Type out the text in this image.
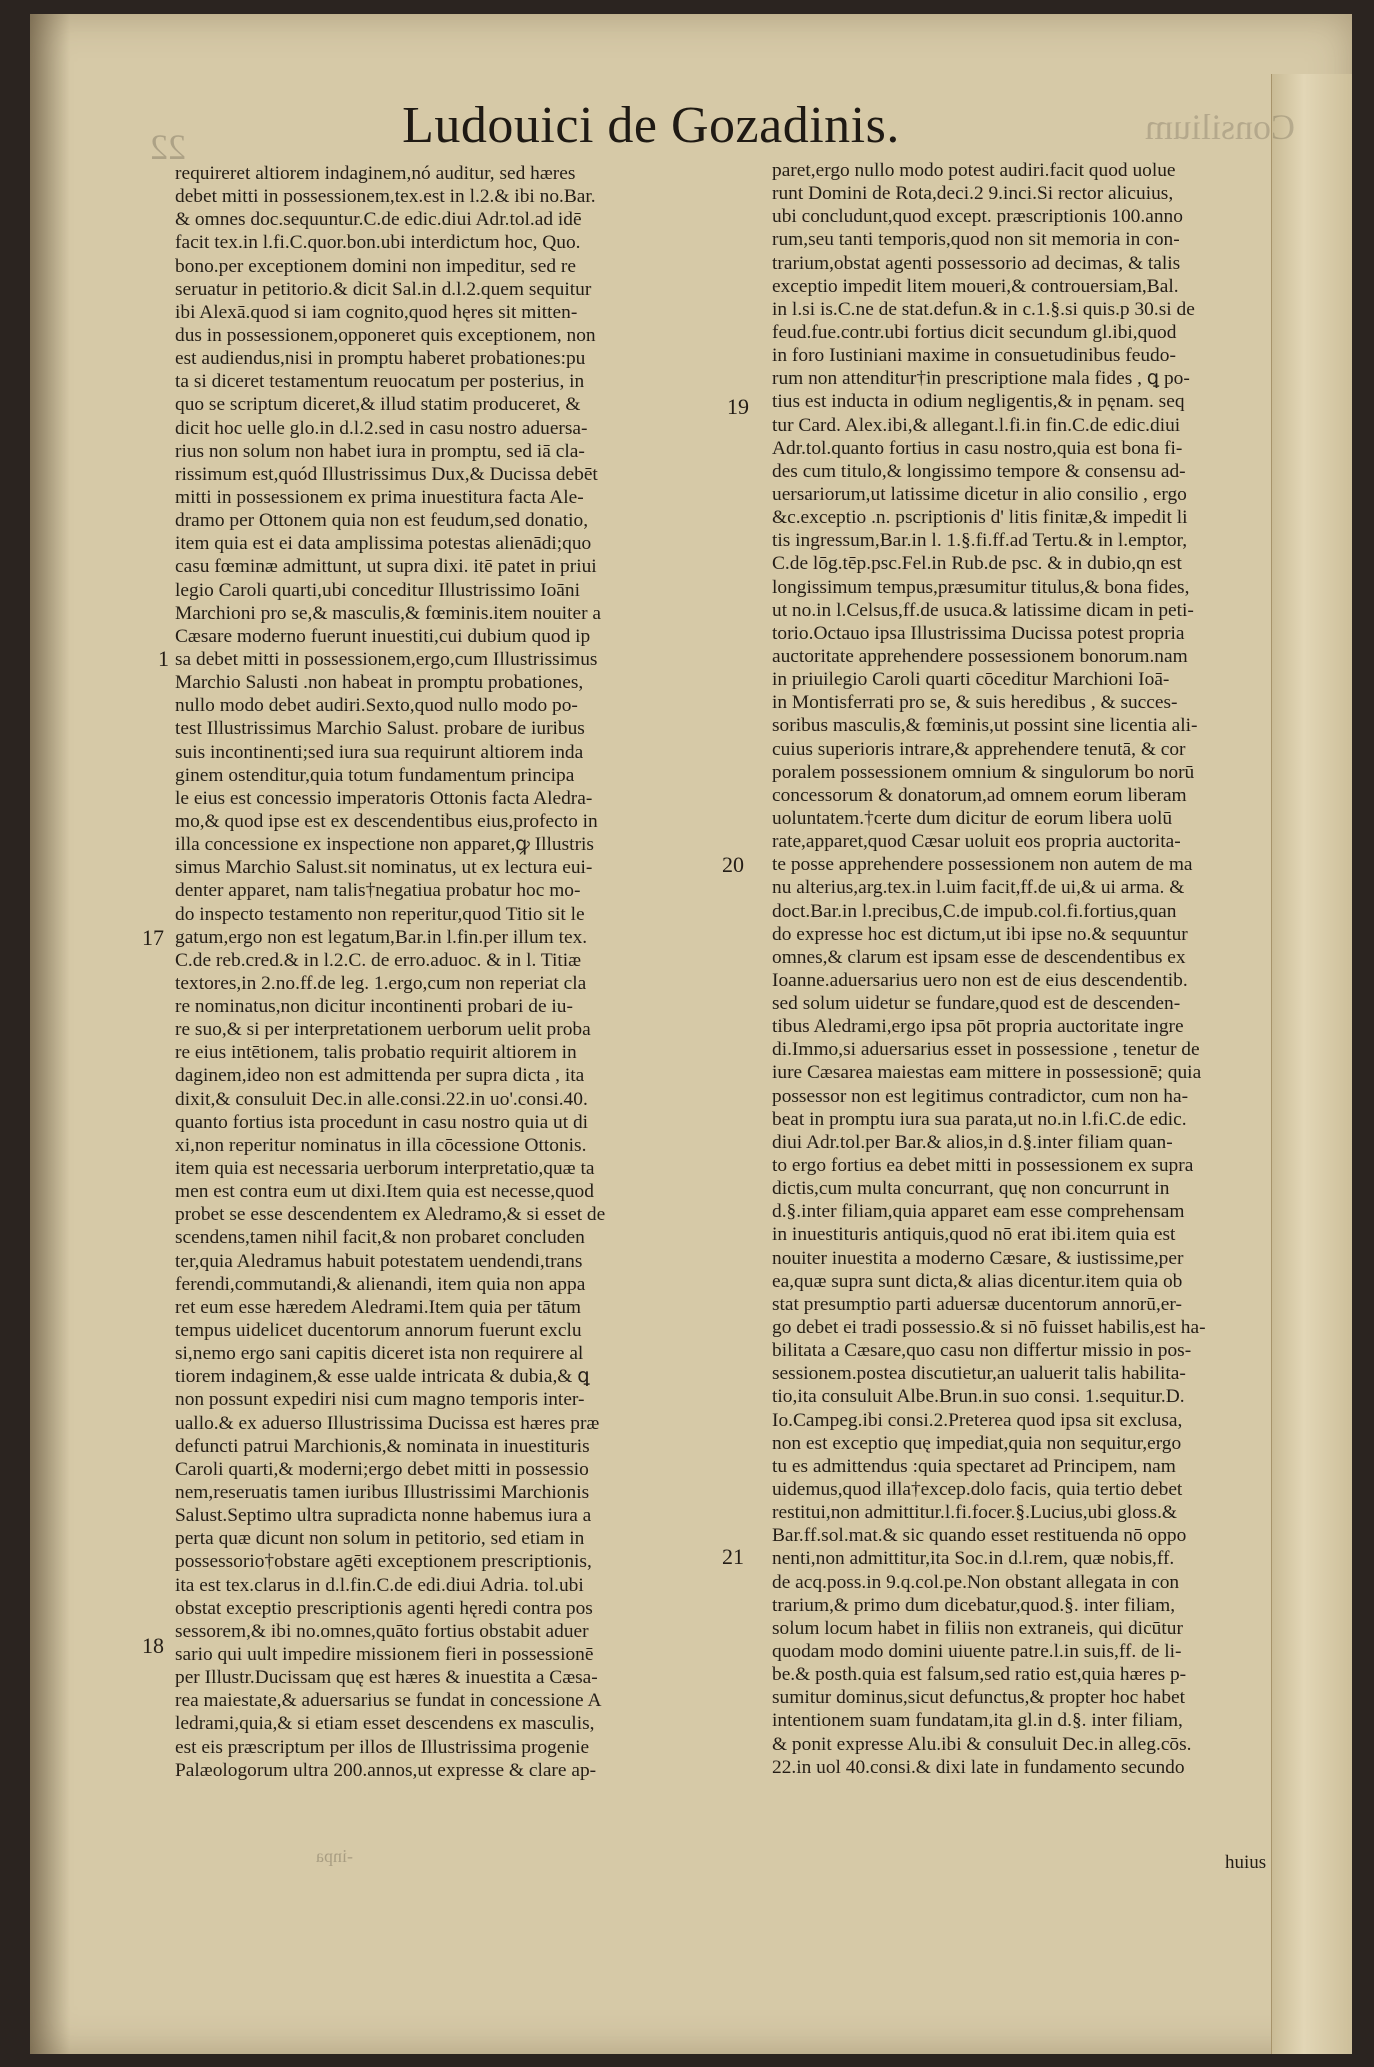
22	Consilium
Ludouici de Gozadinis.
requireret altiorem indaginem,nó auditur, sed hæres
debet mitti in possessionem,tex.est in l.2.& ibi no.Bar.
& omnes doc.sequuntur.C.de edic.diui Adr.tol.ad idē
facit tex.in l.fi.C.quor.bon.ubi interdictum hoc, Quo.
bono.per exceptionem domini non impeditur, sed re
seruatur in petitorio.& dicit Sal.in d.l.2.quem sequitur
ibi Alexā.quod si iam cognito,quod hęres sit mitten-
dus in possessionem,opponeret quis exceptionem, non
est audiendus,nisi in promptu haberet probationes:pu
ta si diceret testamentum reuocatum per posterius, in
quo se scriptum diceret,& illud statim produceret, &
dicit hoc uelle glo.in d.l.2.sed in casu nostro aduersa-
rius non solum non habet iura in promptu, sed iā cla-
rissimum est,quód Illustrissimus Dux,& Ducissa debēt
mitti in possessionem ex prima inuestitura facta Ale-
dramo per Ottonem quia non est feudum,sed donatio,
item quia est ei data amplissima potestas alienādi;quo
casu fœminæ admittunt, ut supra dixi. itē patet in priui
legio Caroli quarti,ubi conceditur Illustrissimo Ioāni
Marchioni pro se,& masculis,& fœminis.item nouiter a
Cæsare moderno fuerunt inuestiti,cui dubium quod ip
sa debet mitti in possessionem,ergo,cum Illustrissimus
Marchio Salusti .non habeat in promptu probationes,
nullo modo debet audiri.Sexto,quod nullo modo po-
test Illustrissimus Marchio Salust. probare de iuribus
suis incontinenti;sed iura sua requirunt altiorem inda
ginem ostenditur,quia totum fundamentum principa
le eius est concessio imperatoris Ottonis facta Aledra-
mo,& quod ipse est ex descendentibus eius,profecto in
illa concessione ex inspectione non apparet,ꝙ Illustris
simus Marchio Salust.sit nominatus, ut ex lectura eui-
denter apparet, nam talis†negatiua probatur hoc mo-
do inspecto testamento non reperitur,quod Titio sit le
gatum,ergo non est legatum,Bar.in l.fin.per illum tex.
C.de reb.cred.& in l.2.C. de erro.aduoc. & in l. Titiæ
textores,in 2.no.ff.de leg. 1.ergo,cum non reperiat cla
re nominatus,non dicitur incontinenti probari de iu-
re suo,& si per interpretationem uerborum uelit proba
re eius intētionem, talis probatio requirit altiorem in
daginem,ideo non est admittenda per supra dicta , ita
dixit,& consuluit Dec.in alle.consi.22.in uo'.consi.40.
quanto fortius ista procedunt in casu nostro quia ut di
xi,non reperitur nominatus in illa cōcessione Ottonis.
item quia est necessaria uerborum interpretatio,quæ ta
men est contra eum ut dixi.Item quia est necesse,quod
probet se esse descendentem ex Aledramo,& si esset de
scendens,tamen nihil facit,& non probaret concluden
ter,quia Aledramus habuit potestatem uendendi,trans
ferendi,commutandi,& alienandi, item quia non appa
ret eum esse hæredem Aledrami.Item quia per tātum
tempus uidelicet ducentorum annorum fuerunt exclu
si,nemo ergo sani capitis diceret ista non requirere al
tiorem indaginem,& esse ualde intricata & dubia,& ꝗ
non possunt expediri nisi cum magno temporis inter-
uallo.& ex aduerso Illustrissima Ducissa est hæres præ
defuncti patrui Marchionis,& nominata in inuestituris
Caroli quarti,& moderni;ergo debet mitti in possessio
nem,reseruatis tamen iuribus Illustrissimi Marchionis
Salust.Septimo ultra supradicta nonne habemus iura a
perta quæ dicunt non solum in petitorio, sed etiam in
possessorio†obstare agēti exceptionem prescriptionis,
ita est tex.clarus in d.l.fin.C.de edi.diui Adria. tol.ubi
obstat exceptio prescriptionis agenti hęredi contra pos
sessorem,& ibi no.omnes,quāto fortius obstabit aduer
sario qui uult impedire missionem fieri in possessionē
per Illustr.Ducissam quę est hæres & inuestita a Cæsa-
rea maiestate,& aduersarius se fundat in concessione A
ledrami,quia,& si etiam esset descendens ex masculis,
est eis præscriptum per illos de Illustrissima progenie
Palæologorum ultra 200.annos,ut expresse & clare ap-
paret,ergo nullo modo potest audiri.facit quod uolue
runt Domini de Rota,deci.2 9.inci.Si rector alicuius,
ubi concludunt,quod except. præscriptionis 100.anno
rum,seu tanti temporis,quod non sit memoria in con-
trarium,obstat agenti possessorio ad decimas, & talis
exceptio impedit litem moueri,& controuersiam,Bal.
in l.si is.C.ne de stat.defun.& in c.1.§.si quis.p 30.si de
feud.fue.contr.ubi fortius dicit secundum gl.ibi,quod
in foro Iustiniani maxime in consuetudinibus feudo-
rum non attenditur†in prescriptione mala fides , ꝗ po-
tius est inducta in odium negligentis,& in pęnam. seq
tur Card. Alex.ibi,& allegant.l.fi.in fin.C.de edic.diui
Adr.tol.quanto fortius in casu nostro,quia est bona fi-
des cum titulo,& longissimo tempore & consensu ad-
uersariorum,ut latissime dicetur in alio consilio , ergo
&c.exceptio .n. pscriptionis d' litis finitæ,& impedit li
tis ingressum,Bar.in l. 1.§.fi.ff.ad Tertu.& in l.emptor,
C.de lōg.tēp.psc.Fel.in Rub.de psc. & in dubio,qn est
longissimum tempus,præsumitur titulus,& bona fides,
ut no.in l.Celsus,ff.de usuca.& latissime dicam in peti-
torio.Octauo ipsa Illustrissima Ducissa potest propria
auctoritate apprehendere possessionem bonorum.nam
in priuilegio Caroli quarti cōceditur Marchioni Ioā-
in Montisferrati pro se, & suis heredibus , & succes-
soribus masculis,& fœminis,ut possint sine licentia ali-
cuius superioris intrare,& apprehendere tenutā, & cor
poralem possessionem omnium & singulorum bo norū
concessorum & donatorum,ad omnem eorum liberam
uoluntatem.†certe dum dicitur de eorum libera uolū
rate,apparet,quod Cæsar uoluit eos propria auctorita-
te posse apprehendere possessionem non autem de ma
nu alterius,arg.tex.in l.uim facit,ff.de ui,& ui arma. &
doct.Bar.in l.precibus,C.de impub.col.fi.fortius,quan
do expresse hoc est dictum,ut ibi ipse no.& sequuntur
omnes,& clarum est ipsam esse de descendentibus ex
Ioanne.aduersarius uero non est de eius descendentib.
sed solum uidetur se fundare,quod est de descenden-
tibus Aledrami,ergo ipsa pōt propria auctoritate ingre
di.Immo,si aduersarius esset in possessione , tenetur de
iure Cæsarea maiestas eam mittere in possessionē; quia
possessor non est legitimus contradictor, cum non ha-
beat in promptu iura sua parata,ut no.in l.fi.C.de edic.
diui Adr.tol.per Bar.& alios,in d.§.inter filiam quan-
to ergo fortius ea debet mitti in possessionem ex supra
dictis,cum multa concurrant, quę non concurrunt in
d.§.inter filiam,quia apparet eam esse comprehensam
in inuestituris antiquis,quod nō erat ibi.item quia est
nouiter inuestita a moderno Cæsare, & iustissime,per
ea,quæ supra sunt dicta,& alias dicentur.item quia ob
stat presumptio parti aduersæ ducentorum annorū,er-
go debet ei tradi possessio.& si nō fuisset habilis,est ha-
bilitata a Cæsare,quo casu non differtur missio in pos-
sessionem.postea discutietur,an ualuerit talis habilita-
tio,ita consuluit Albe.Brun.in suo consi. 1.sequitur.D.
Io.Campeg.ibi consi.2.Preterea quod ipsa sit exclusa,
non est exceptio quę impediat,quia non sequitur,ergo
tu es admittendus :quia spectaret ad Principem, nam
uidemus,quod illa†excep.dolo facis, quia tertio debet
restitui,non admittitur.l.fi.focer.§.Lucius,ubi gloss.&
Bar.ff.sol.mat.& sic quando esset restituenda nō oppo
nenti,non admittitur,ita Soc.in d.l.rem, quæ nobis,ff.
de acq.poss.in 9.q.col.pe.Non obstant allegata in con
trarium,& primo dum dicebatur,quod.§. inter filiam,
solum locum habet in filiis non extraneis, qui dicūtur
quodam modo domini uiuente patre.l.in suis,ff. de li-
be.& posth.quia est falsum,sed ratio est,quia hæres p-
sumitur dominus,sicut defunctus,& propter hoc habet
intentionem suam fundatam,ita gl.in d.§. inter filiam,
& ponit expresse Alu.ibi & consuluit Dec.in alleg.cōs.
22.in uol 40.consi.& dixi late in fundamento secundo
1
17
18
19
20
21
huius
-inpa
